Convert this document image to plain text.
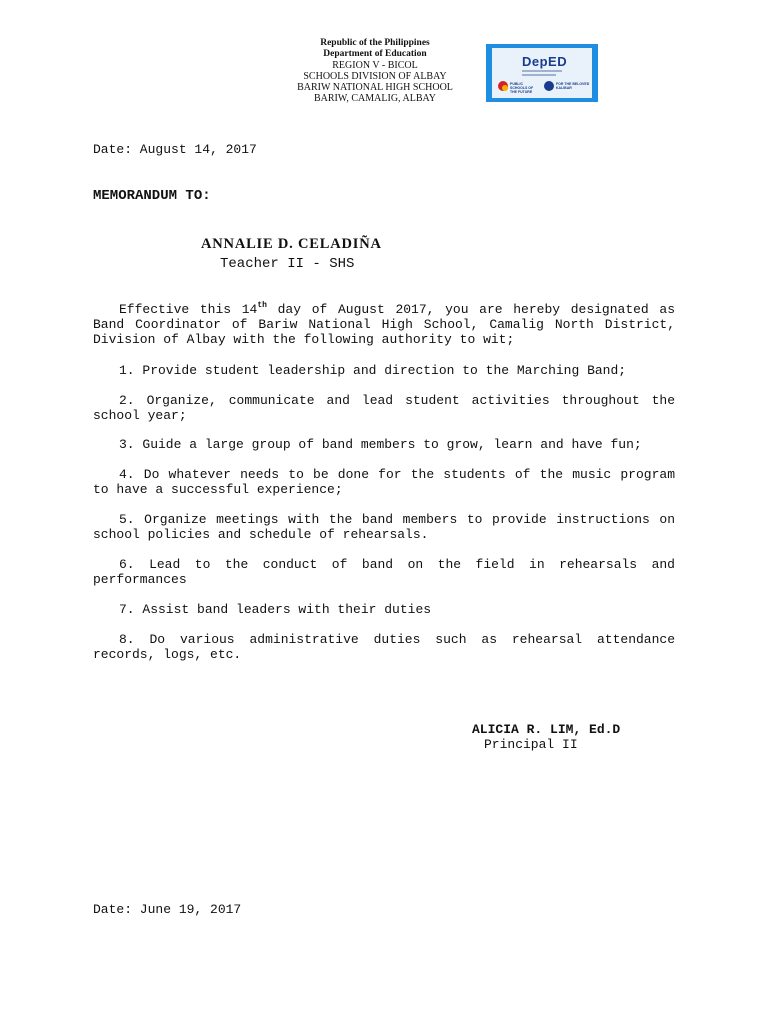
Republic of the Philippines
Department of Education
REGION V - BICOL
SCHOOLS DIVISION OF ALBAY
BARIW NATIONAL HIGH SCHOOL
BARIW, CAMALIG, ALBAY
DepED
PUBLIC SCHOOLS OF THE FUTURE
FOR THE BELOVED KALIBAR
Date: August 14, 2017
MEMORANDUM TO:
ANNALIE D. CELADIÑA
Teacher II - SHS
Effective this 14th day of August 2017, you are hereby designated as Band Coordinator of Bariw National High School, Camalig North District, Division of Albay with the following authority to wit;
1. Provide student leadership and direction to the Marching Band;
2. Organize, communicate and lead student activities throughout the school year;
3. Guide a large group of band members to grow, learn and have fun;
4. Do whatever needs to be done for the students of the music program to have a successful experience;
5. Organize meetings with the band members to provide instructions on school policies and schedule of rehearsals.
6. Lead to the conduct of band on the field in rehearsals and performances
7. Assist band leaders with their duties
8. Do various administrative duties such as rehearsal attendance records, logs, etc.
ALICIA R. LIM, Ed.D
Principal II
Date: June 19, 2017
